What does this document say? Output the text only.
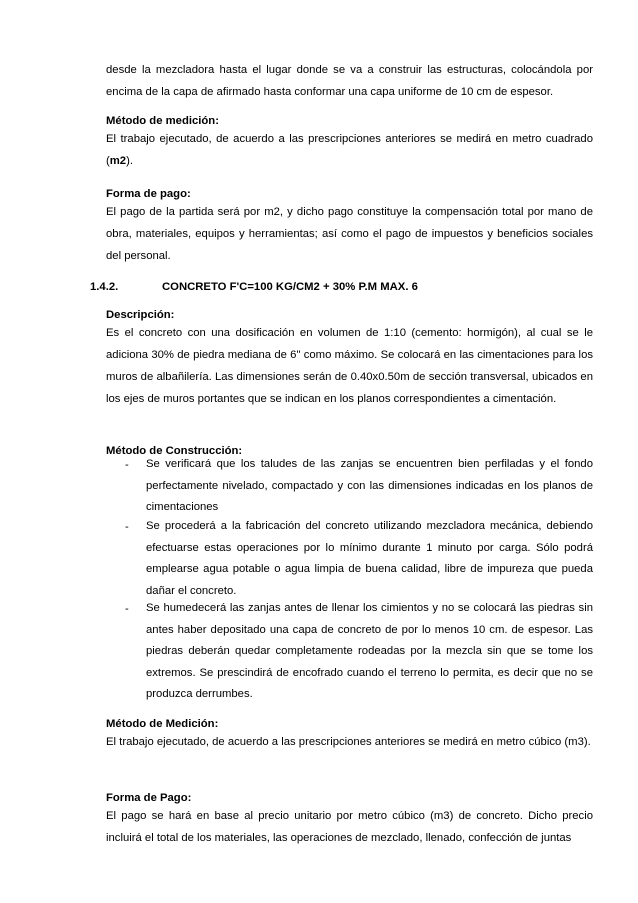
desde la mezcladora hasta el lugar donde se va a construir las estructuras, colocándola por encima de la capa de afirmado hasta conformar una capa uniforme de 10 cm de espesor.
Método de medición:
El trabajo ejecutado, de acuerdo a las prescripciones anteriores se medirá en metro cuadrado (m2).
Forma de pago:
El pago de la partida será por m2, y dicho pago constituye la compensación total por mano de obra, materiales, equipos y herramientas; así como el pago de impuestos y beneficios sociales del personal.
1.4.2.	CONCRETO F'C=100 KG/CM2 + 30% P.M MAX. 6
Descripción:
Es el concreto con una dosificación en volumen de 1:10 (cemento: hormigón), al cual se le adiciona 30% de piedra mediana de 6" como máximo. Se colocará en las cimentaciones para los muros de albañilería. Las dimensiones serán de 0.40x0.50m de sección transversal, ubicados en los ejes de muros portantes que se indican en los planos correspondientes a cimentación.
Método de Construcción:
- Se verificará que los taludes de las zanjas se encuentren bien perfiladas y el fondo perfectamente nivelado, compactado y con las dimensiones indicadas en los planos de cimentaciones
- Se procederá a la fabricación del concreto utilizando mezcladora mecánica, debiendo efectuarse estas operaciones por lo mínimo durante 1 minuto por carga. Sólo podrá emplearse agua potable o agua limpia de buena calidad, libre de impureza que pueda dañar el concreto.
- Se humedecerá las zanjas antes de llenar los cimientos y no se colocará las piedras sin antes haber depositado una capa de concreto de por lo menos 10 cm. de espesor. Las piedras deberán quedar completamente rodeadas por la mezcla sin que se tome los extremos. Se prescindirá de encofrado cuando el terreno lo permita, es decir que no se produzca derrumbes.
Método de Medición:
El trabajo ejecutado, de acuerdo a las prescripciones anteriores se medirá en metro cúbico (m3).
Forma de Pago:
El pago se hará en base al precio unitario por metro cúbico (m3) de concreto. Dicho precio incluirá el total de los materiales, las operaciones de mezclado, llenado, confección de juntas
